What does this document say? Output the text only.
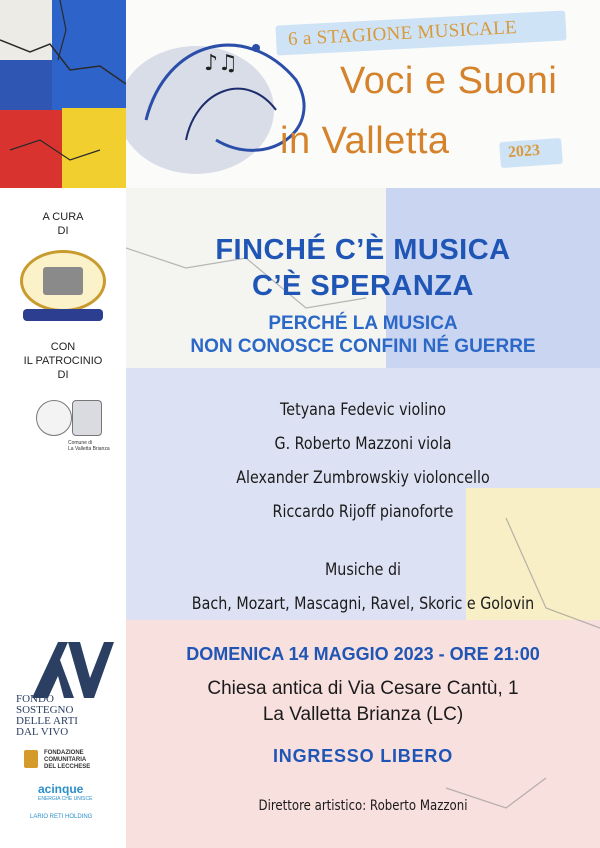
♪♫
6 a STAGIONE MUSICALE
Voci e Suoni
in Valletta	2023
A CURA
DI
CON
IL PATROCINIO
DI
Comune di
La Valletta Brianza
FONDO
SOSTEGNO
DELLE ARTI
DAL VIVO
FONDAZIONE
COMUNITARIA
DEL LECCHESE
acinque
ENERGIA CHE UNISCE
LARIO RETI HOLDING
FINCHÉ C’È MUSICA
C’È SPERANZA
PERCHÉ LA MUSICA
NON CONOSCE CONFINI NÉ GUERRE
Tetyana Fedevic violino
G. Roberto Mazzoni viola
Alexander Zumbrowskiy violoncello
Riccardo Rijoff pianoforte
Musiche di
Bach, Mozart, Mascagni, Ravel, Skoric e Golovin
DOMENICA 14 MAGGIO 2023 - ORE 21:00
Chiesa antica di Via Cesare Cantù, 1
La Valletta Brianza (LC)
INGRESSO LIBERO
Direttore artistico: Roberto Mazzoni
